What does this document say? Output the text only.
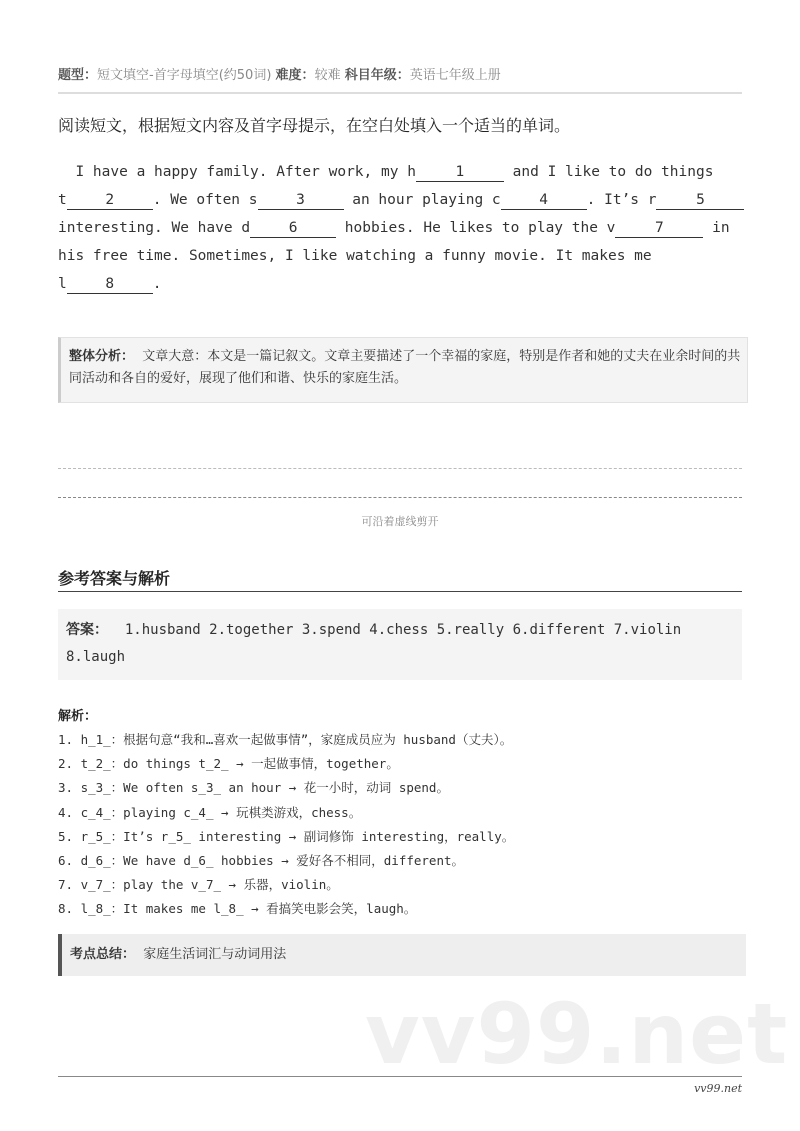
题型：短文填空-首字母填空(约50词) 难度：较难 科目年级：英语七年级上册
阅读短文，根据短文内容及首字母提示，在空白处填入一个适当的单词。
I have a happy family. After work, my h	1	and I like to do things
t	2	. We often s	3	an hour playing c	4	. It’s r	5
interesting. We have d	6	hobbies. He likes to play the v	7	in
his free time. Sometimes, I like watching a funny movie. It makes me
l	8	.
整体分析： 文章大意：本文是一篇记叙文。文章主要描述了一个幸福的家庭，特别是作者和她的丈夫在业余时间的共同活动和各自的爱好，展现了他们和谐、快乐的家庭生活。
可沿着虚线剪开
参考答案与解析
答案： 1.husband 2.together 3.spend 4.chess 5.really 6.different 7.violin 8.laugh
解析：
1. h_1_：根据句意“我和…喜欢一起做事情”，家庭成员应为 husband（丈夫）。
2. t_2_：do things t_2_ → 一起做事情，together。
3. s_3_：We often s_3_ an hour → 花一小时，动词 spend。
4. c_4_：playing c_4_ → 玩棋类游戏，chess。
5. r_5_：It’s r_5_ interesting → 副词修饰 interesting，really。
6. d_6_：We have d_6_ hobbies → 爱好各不相同，different。
7. v_7_：play the v_7_ → 乐器，violin。
8. l_8_：It makes me l_8_ → 看搞笑电影会笑，laugh。
考点总结： 家庭生活词汇与动词用法
vv99.net
vv99.net
